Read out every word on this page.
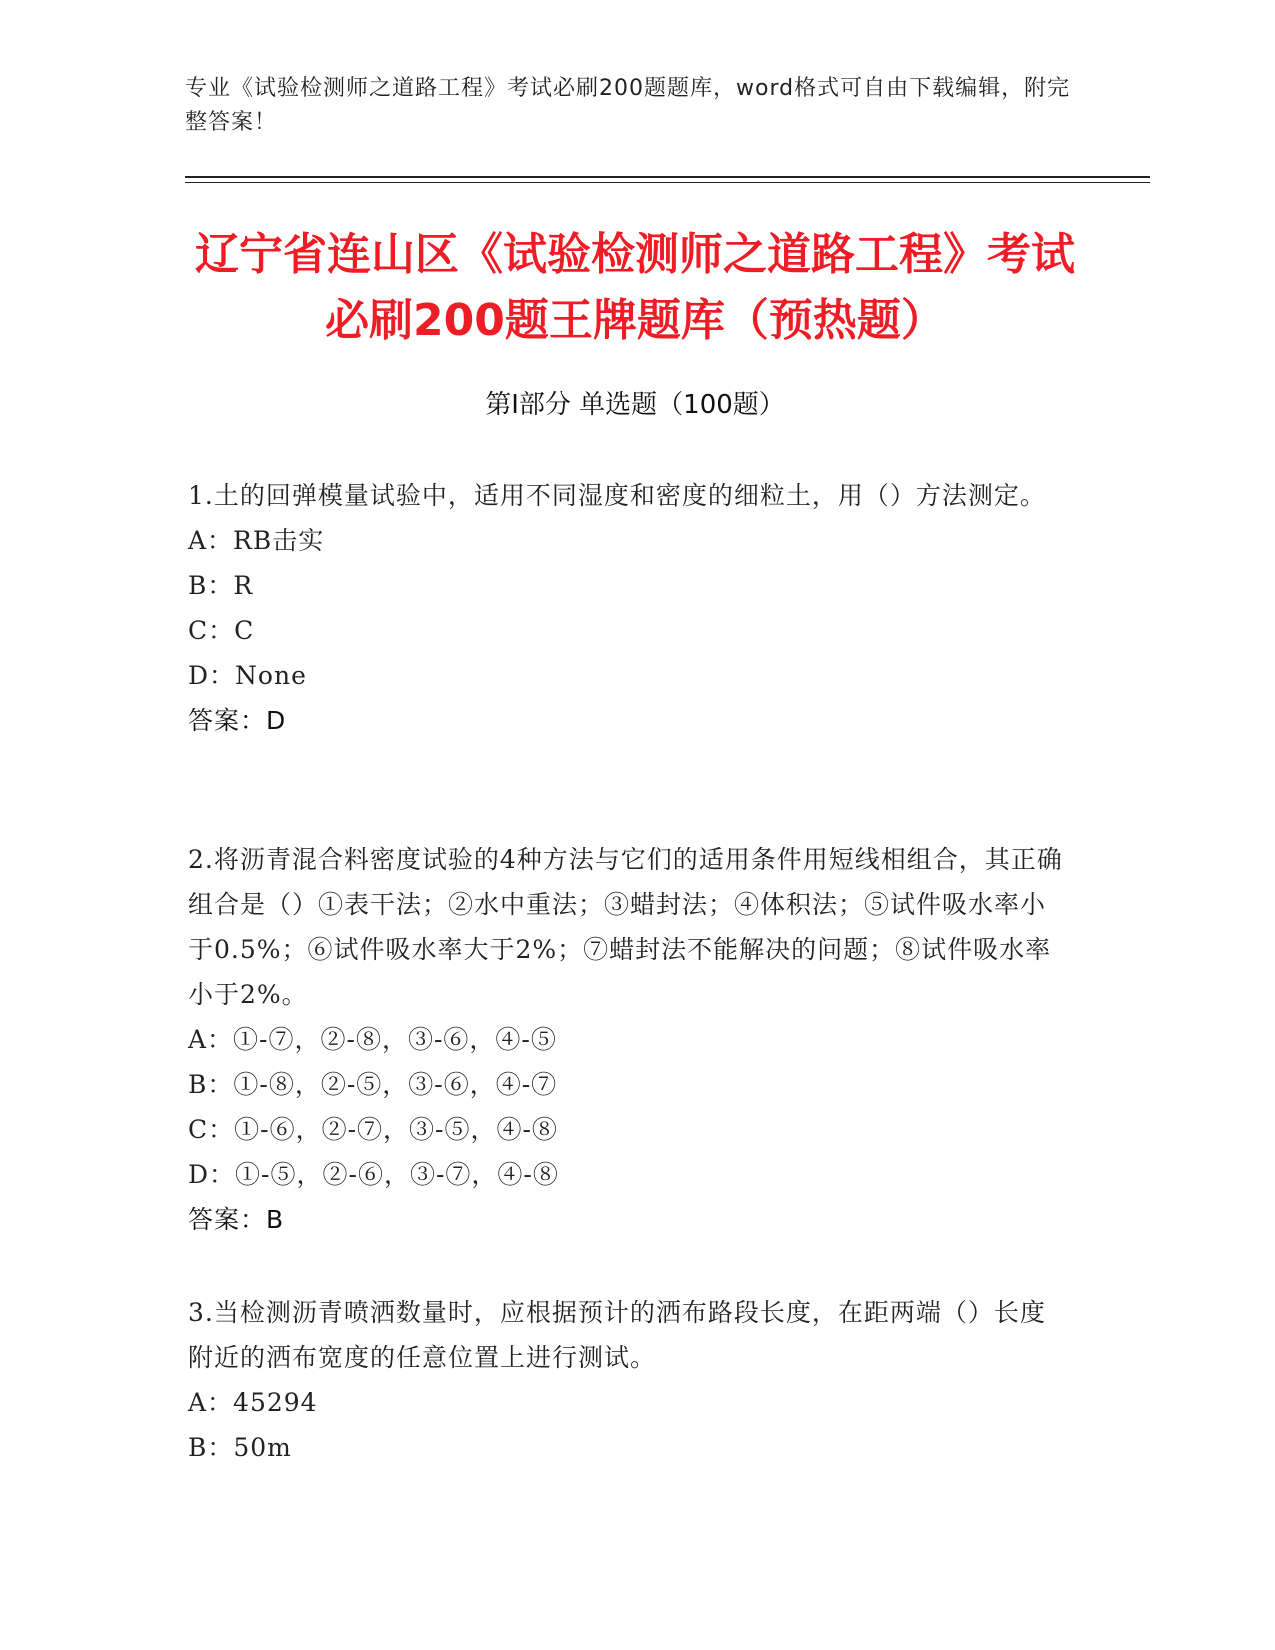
专业《试验检测师之道路工程》考试必刷200题题库，word格式可自由下载编辑，附完整答案！
辽宁省连山区《试验检测师之道路工程》考试必刷200题王牌题库（预热题）
第Ⅰ部分 单选题（100题）
1.土的回弹模量试验中，适用不同湿度和密度的细粒土，用（）方法测定。
A：RB击实
B：R
C：C
D：None
答案：D
2.将沥青混合料密度试验的4种方法与它们的适用条件用短线相组合，其正确组合是（）①表干法；②水中重法；③蜡封法；④体积法；⑤试件吸水率小于0.5%；⑥试件吸水率大于2%；⑦蜡封法不能解决的问题；⑧试件吸水率小于2%。
A：①-⑦，②-⑧，③-⑥，④-⑤
B：①-⑧，②-⑤，③-⑥，④-⑦
C：①-⑥，②-⑦，③-⑤，④-⑧
D：①-⑤，②-⑥，③-⑦，④-⑧
答案：B
3.当检测沥青喷洒数量时，应根据预计的洒布路段长度，在距两端（）长度附近的洒布宽度的任意位置上进行测试。
A：45294
B：50m
